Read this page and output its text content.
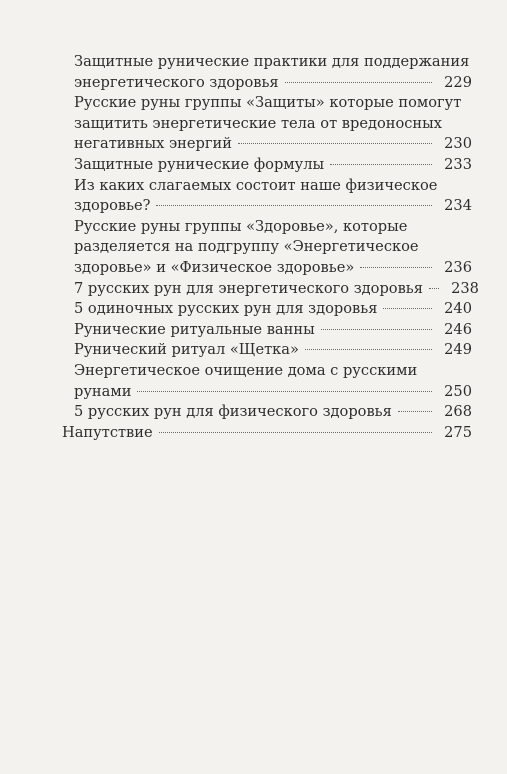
Защитные рунические практики для поддержания
энергетического здоровья	229
Русские руны группы «Защиты» которые помогут
защитить энергетические тела от вредоносных
негативных энергий	230
Защитные рунические формулы	233
Из каких слагаемых состоит наше физическое
здоровье?	234
Русские руны группы «Здоровье», которые
разделяется на подгруппу «Энергетическое
здоровье» и «Физическое здоровье»	236
7 русских рун для энергетического здоровья	238
5 одиночных русских рун для здоровья	240
Рунические ритуальные ванны	246
Рунический ритуал «Щетка»	249
Энергетическое очищение дома с русскими
рунами	250
5 русских рун для физического здоровья	268
Напутствие	275
